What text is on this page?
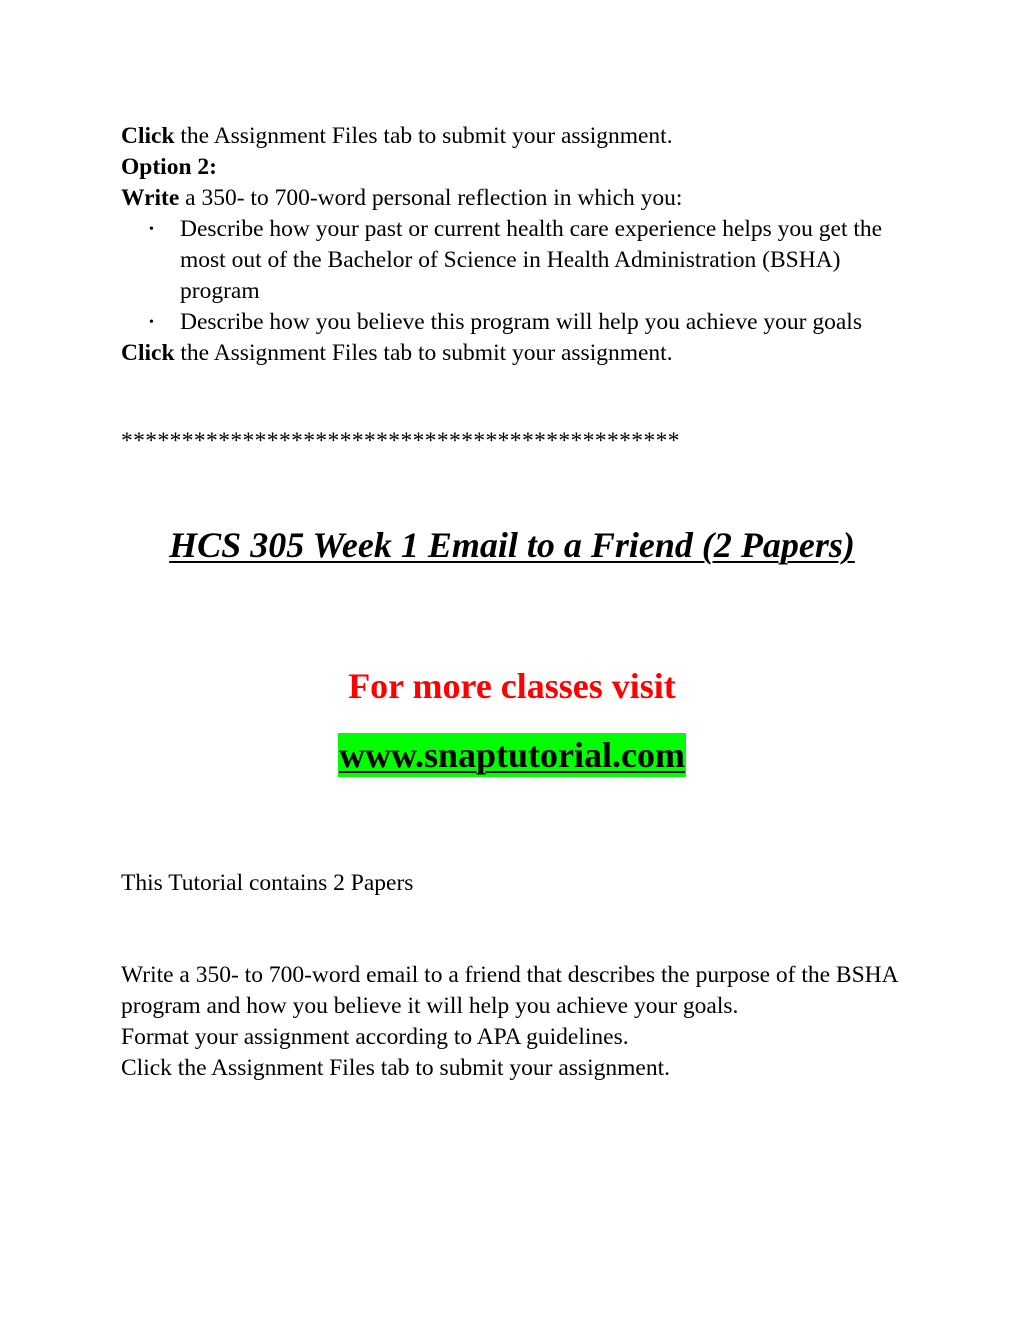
Click the Assignment Files tab to submit your assignment.
Option 2:
Write a 350- to 700-word personal reflection in which you:
• Describe how your past or current health care experience helps you get the most out of the Bachelor of Science in Health Administration (BSHA) program
• Describe how you believe this program will help you achieve your goals
Click the Assignment Files tab to submit your assignment.
**********************************************
HCS 305 Week 1 Email to a Friend (2 Papers)
For more classes visit
www.snaptutorial.com
This Tutorial contains 2 Papers
Write a 350- to 700-word email to a friend that describes the purpose of the BSHA program and how you believe it will help you achieve your goals.
Format your assignment according to APA guidelines.
Click the Assignment Files tab to submit your assignment.
